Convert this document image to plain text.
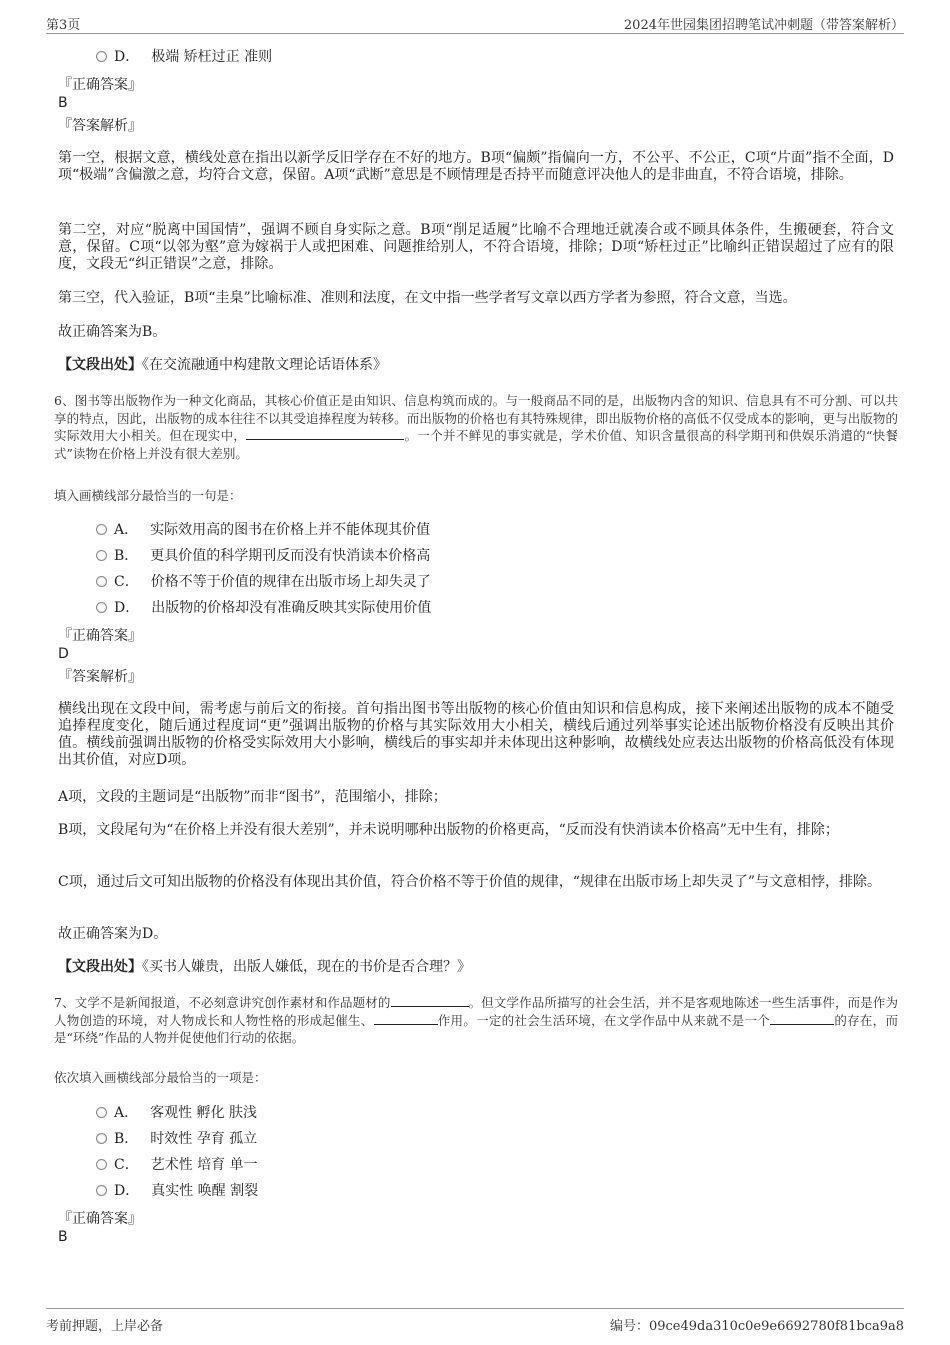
第3页	2024年世园集团招聘笔试冲刺题（带答案解析）
D． 极端 矫枉过正 准则
『正确答案』
B
『答案解析』
第一空，根据文意，横线处意在指出以新学反旧学存在不好的地方。B项“偏颇”指偏向一方，不公平、不公正，C项“片面”指不全面，D项“极端”含偏激之意，均符合文意，保留。A项“武断”意思是不顾情理是否持平而随意评决他人的是非曲直，不符合语境，排除。
第二空，对应“脱离中国国情”，强调不顾自身实际之意。B项“削足适履”比喻不合理地迁就凑合或不顾具体条件，生搬硬套，符合文意，保留。C项“以邻为壑”意为嫁祸于人或把困难、问题推给别人，不符合语境，排除；D项“矫枉过正”比喻纠正错误超过了应有的限度，文段无“纠正错误”之意，排除。
第三空，代入验证，B项“圭臬”比喻标准、准则和法度，在文中指一些学者写文章以西方学者为参照，符合文意，当选。
故正确答案为B。
【文段出处】《在交流融通中构建散文理论话语体系》
6、图书等出版物作为一种文化商品，其核心价值正是由知识、信息构筑而成的。与一般商品不同的是，出版物内含的知识、信息具有不可分割、可以共享的特点，因此，出版物的成本往往不以其受追捧程度为转移。而出版物的价格也有其特殊规律，即出版物价格的高低不仅受成本的影响，更与出版物的实际效用大小相关。但在现实中，	。一个并不鲜见的事实就是，学术价值、知识含量很高的科学期刊和供娱乐消遣的“快餐式”读物在价格上并没有很大差别。
填入画横线部分最恰当的一句是：
A． 实际效用高的图书在价格上并不能体现其价值
B． 更具价值的科学期刊反而没有快消读本价格高
C． 价格不等于价值的规律在出版市场上却失灵了
D． 出版物的价格却没有准确反映其实际使用价值
『正确答案』
D
『答案解析』
横线出现在文段中间，需考虑与前后文的衔接。首句指出图书等出版物的核心价值由知识和信息构成，接下来阐述出版物的成本不随受追捧程度变化，随后通过程度词“更”强调出版物的价格与其实际效用大小相关，横线后通过列举事实论述出版物价格没有反映出其价值。横线前强调出版物的价格受实际效用大小影响，横线后的事实却并未体现出这种影响，故横线处应表达出版物的价格高低没有体现出其价值，对应D项。
A项，文段的主题词是“出版物”而非“图书”，范围缩小，排除；
B项，文段尾句为“在价格上并没有很大差别”，并未说明哪种出版物的价格更高，“反而没有快消读本价格高”无中生有，排除；
C项，通过后文可知出版物的价格没有体现出其价值，符合价格不等于价值的规律，“规律在出版市场上却失灵了”与文意相悖，排除。
故正确答案为D。
【文段出处】《买书人嫌贵，出版人嫌低，现在的书价是否合理？》
7、文学不是新闻报道，不必刻意讲究创作素材和作品题材的	。但文学作品所描写的社会生活，并不是客观地陈述一些生活事件，而是作为人物创造的环境，对人物成长和人物性格的形成起催生、	作用。一定的社会生活环境，在文学作品中从来就不是一个	的存在，而是“环绕”作品的人物并促使他们行动的依据。
依次填入画横线部分最恰当的一项是：
A． 客观性 孵化 肤浅
B． 时效性 孕育 孤立
C． 艺术性 培育 单一
D． 真实性 唤醒 割裂
『正确答案』
B
考前押题，上岸必备	编号：09ce49da310c0e9e6692780f81bca9a8
